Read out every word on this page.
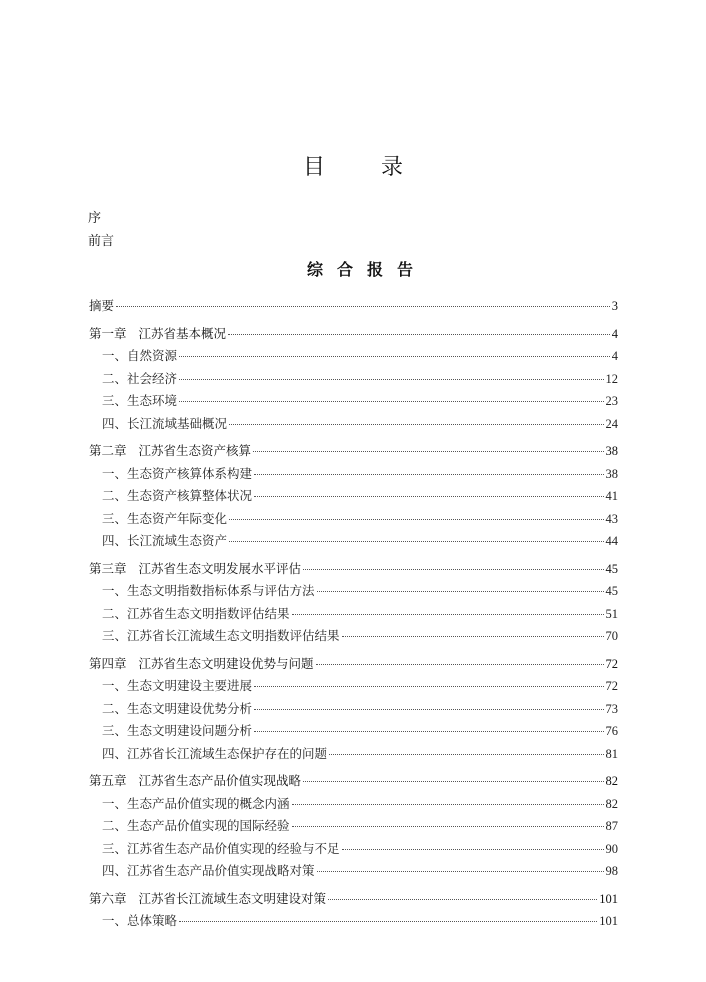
目	录
序
前言
综合报告
摘要	3
第一章 江苏省基本概况	4
一、自然资源	4
二、社会经济	12
三、生态环境	23
四、长江流域基础概况	24
第二章 江苏省生态资产核算	38
一、生态资产核算体系构建	38
二、生态资产核算整体状况	41
三、生态资产年际变化	43
四、长江流域生态资产	44
第三章 江苏省生态文明发展水平评估	45
一、生态文明指数指标体系与评估方法	45
二、江苏省生态文明指数评估结果	51
三、江苏省长江流域生态文明指数评估结果	70
第四章 江苏省生态文明建设优势与问题	72
一、生态文明建设主要进展	72
二、生态文明建设优势分析	73
三、生态文明建设问题分析	76
四、江苏省长江流域生态保护存在的问题	81
第五章 江苏省生态产品价值实现战略	82
一、生态产品价值实现的概念内涵	82
二、生态产品价值实现的国际经验	87
三、江苏省生态产品价值实现的经验与不足	90
四、江苏省生态产品价值实现战略对策	98
第六章 江苏省长江流域生态文明建设对策	101
一、总体策略	101
